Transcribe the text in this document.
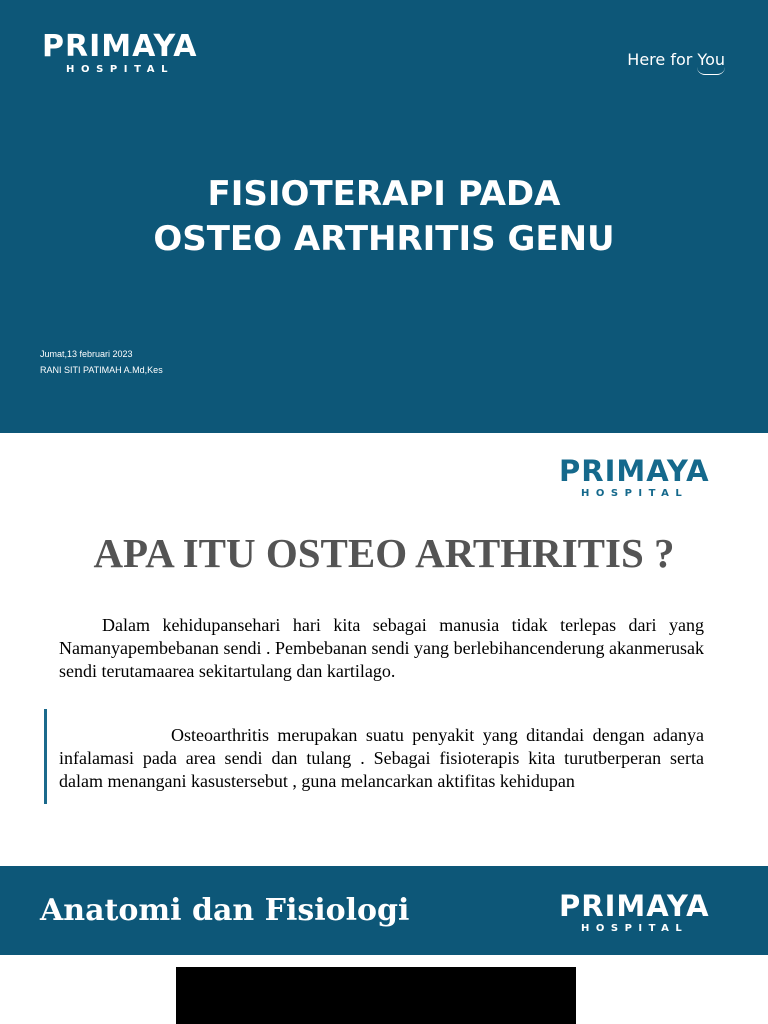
PRIMAYA
HOSPITAL
Here for You
FISIOTERAPI PADA
OSTEO ARTHRITIS GENU
Jumat,13 februari 2023
RANI SITI PATIMAH A.Md,Kes
PRIMAYA
HOSPITAL
APA ITU OSTEO ARTHRITIS ?

Dalam kehidupansehari hari kita sebagai manusia tidak terlepas dari yang Namanyapembebanan sendi . Pembebanan sendi yang berlebihancenderung akanmerusak sendi terutamaarea sekitartulang dan kartilago.

Osteoarthritis merupakan suatu penyakit yang ditandai dengan adanya infalamasi pada area sendi dan tulang . Sebagai fisioterapis kita turutberperan serta dalam menangani kasustersebut , guna melancarkan aktifitas kehidupan

Anatomi dan Fisiologi	PRIMAYA
HOSPITAL
